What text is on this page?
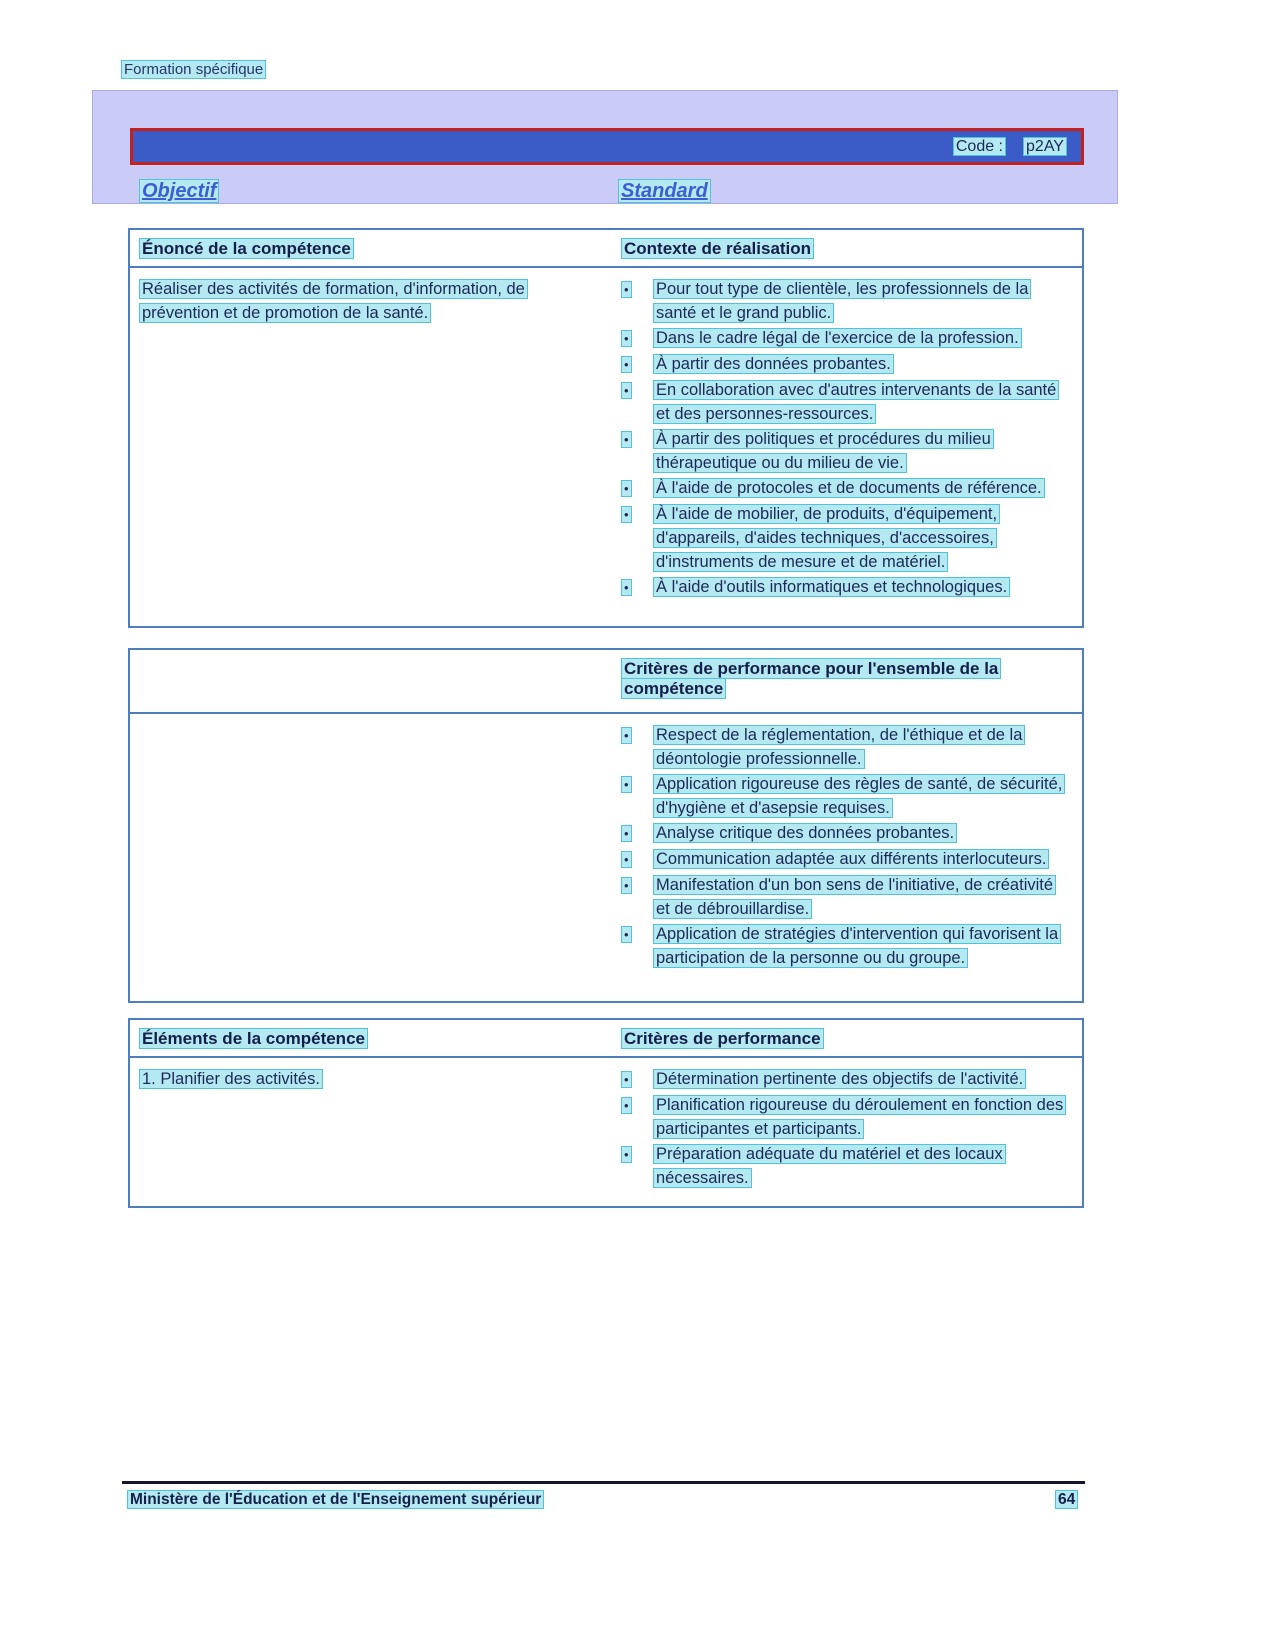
Formation spécifique
Code :	p2AY
Objectif	Standard
Énoncé de la compétence	Contexte de réalisation
Réaliser des activités de formation, d'information, de prévention et de promotion de la santé.
•	Pour tout type de clientèle, les professionnels de la santé et le grand public.
•	Dans le cadre légal de l'exercice de la profession.
•	À partir des données probantes.
•	En collaboration avec d'autres intervenants de la santé et des personnes-ressources.
•	À partir des politiques et procédures du milieu thérapeutique ou du milieu de vie.
•	À l'aide de protocoles et de documents de référence.
•	À l'aide de mobilier, de produits, d'équipement, d'appareils, d'aides techniques, d'accessoires, d'instruments de mesure et de matériel.
•	À l'aide d'outils informatiques et technologiques.
Critères de performance pour l'ensemble de la compétence
•	Respect de la réglementation, de l'éthique et de la déontologie professionnelle.
•	Application rigoureuse des règles de santé, de sécurité, d'hygiène et d'asepsie requises.
•	Analyse critique des données probantes.
•	Communication adaptée aux différents interlocuteurs.
•	Manifestation d'un bon sens de l'initiative, de créativité et de débrouillardise.
•	Application de stratégies d'intervention qui favorisent la participation de la personne ou du groupe.
Éléments de la compétence	Critères de performance
1. Planifier des activités.	•	Détermination pertinente des objectifs de l'activité.
•	Planification rigoureuse du déroulement en fonction des participantes et participants.
•	Préparation adéquate du matériel et des locaux nécessaires.
Ministère de l'Éducation et de l'Enseignement supérieur	64
